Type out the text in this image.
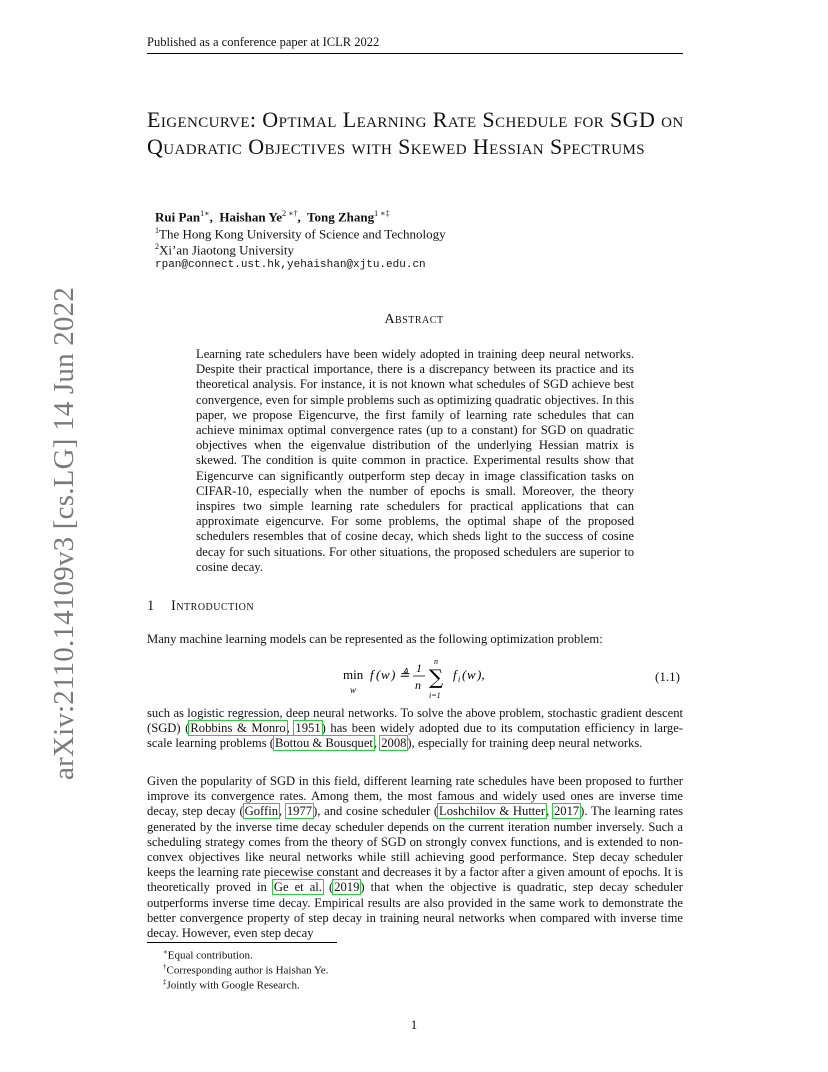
Published as a conference paper at ICLR 2022
arXiv:2110.14109v3 [cs.LG] 14 Jun 2022
Eigencurve: Optimal Learning Rate Schedule for SGD on Quadratic Objectives with Skewed Hessian Spectrums
Rui Pan$^{1∗}$,  Haishan $Ye^{2 ∗\dagger}$,  Tong Zhang$^{1 ∗\ddagger}$
$^1$The Hong Kong University of Science and Technology
$^2$Xi’an Jiaotong University
rpan@connect.ust.hk,yehaishan@xjtu.edu.cn
Abstract
Learning rate schedulers have been widely adopted in training deep neural networks. Despite their practical importance, there is a discrepancy between its practice and its theoretical analysis. For instance, it is not known what schedules of SGD achieve best convergence, even for simple problems such as optimizing quadratic objectives. In this paper, we propose Eigencurve, the first family of learning rate schedules that can achieve minimax optimal convergence rates (up to a constant) for SGD on quadratic objectives when the eigenvalue distribution of the underlying Hessian matrix is skewed. The condition is quite common in practice. Experimental results show that Eigencurve can significantly outperform step decay in image classification tasks on CIFAR-10, especially when the number of epochs is small. Moreover, the theory inspires two simple learning rate schedulers for practical applications that can approximate eigencurve. For some problems, the optimal shape of the proposed schedulers resembles that of cosine decay, which sheds light to the success of cosine decay for such situations. For other situations, the proposed schedulers are superior to cosine decay.
1 Introduction
Many machine learning models can be represented as the following optimization problem:
min
w
f ( w ) ≜ 1
n
n
∑
i=1
f i ( w ),	(1.1)
such as logistic regression, deep neural networks. To solve the above problem, stochastic gradient descent (SGD) (Robbins & Monro, 1951) has been widely adopted due to its computation efficiency in large-scale learning problems (Bottou & Bousquet, 2008), especially for training deep neural networks.
Given the popularity of SGD in this field, different learning rate schedules have been proposed to further improve its convergence rates. Among them, the most famous and widely used ones are inverse time decay, step decay (Goffin, 1977), and cosine scheduler (Loshchilov & Hutter, 2017). The learning rates generated by the inverse time decay scheduler depends on the current iteration number inversely. Such a scheduling strategy comes from the theory of SGD on strongly convex functions, and is extended to non-convex objectives like neural networks while still achieving good performance. Step decay scheduler keeps the learning rate piecewise constant and decreases it by a factor after a given amount of epochs. It is theoretically proved in Ge et al. (2019) that when the objective is quadratic, step decay scheduler outperforms inverse time decay. Empirical results are also provided in the same work to demonstrate the better convergence property of step decay in training neural networks when compared with inverse time decay. However, even step decay
∗Equal contribution.
†Corresponding author is Haishan Ye.
‡Jointly with Google Research.
1
